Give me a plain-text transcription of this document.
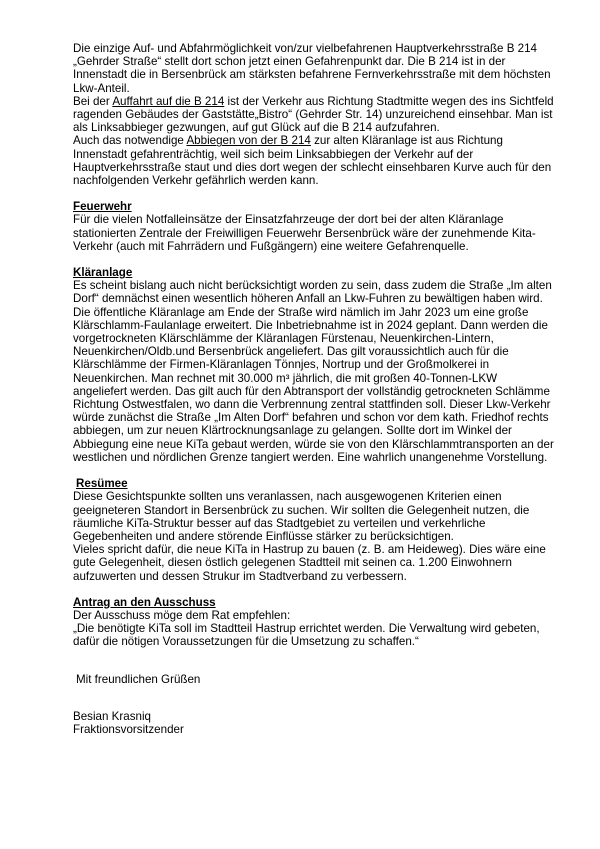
Die einzige Auf- und Abfahrmöglichkeit von/zur vielbefahrenen Hauptverkehrsstraße B 214 „Gehrder Straße“ stellt dort schon jetzt einen Gefahrenpunkt dar. Die B 214 ist in der Innenstadt die in Bersenbrück am stärksten befahrene Fernverkehrsstraße mit dem höchsten Lkw-Anteil.

Bei der Auffahrt auf die B 214 ist der Verkehr aus Richtung Stadtmitte wegen des ins Sichtfeld ragenden Gebäudes der Gaststätte„Bistro“ (Gehrder Str. 14) unzureichend einsehbar. Man ist als Linksabbieger gezwungen, auf gut Glück auf die B 214 aufzufahren.

Auch das notwendige Abbiegen von der B 214 zur alten Kläranlage ist aus Richtung Innenstadt gefahrenträchtig, weil sich beim Linksabbiegen der Verkehr auf der Hauptverkehrsstraße staut und dies dort wegen der schlecht einsehbaren Kurve auch für den nachfolgenden Verkehr gefährlich werden kann.

Feuerwehr

Für die vielen Notfalleinsätze der Einsatzfahrzeuge der dort bei der alten Kläranlage stationierten Zentrale der Freiwilligen Feuerwehr Bersenbrück wäre der zunehmende Kita-Verkehr (auch mit Fahrrädern und Fußgängern) eine weitere Gefahrenquelle.

Kläranlage

Es scheint bislang auch nicht berücksichtigt worden zu sein, dass zudem die Straße „Im alten Dorf“ demnächst einen wesentlich höheren Anfall an Lkw-Fuhren zu bewältigen haben wird. Die öffentliche Kläranlage am Ende der Straße wird nämlich im Jahr 2023 um eine große Klärschlamm-Faulanlage erweitert. Die Inbetriebnahme ist in 2024 geplant. Dann werden die vorgetrockneten Klärschlämme der Kläranlagen Fürstenau, Neuenkirchen-Lintern, Neuenkirchen/Oldb.und Bersenbrück angeliefert. Das gilt voraussichtlich auch für die Klärschlämme der Firmen-Kläranlagen Tönnjes, Nortrup und der Großmolkerei in Neuenkirchen. Man rechnet mit 30.000 m³ jährlich, die mit großen 40-Tonnen-LKW angeliefert werden. Das gilt auch für den Abtransport der vollständig getrockneten Schlämme Richtung Ostwestfalen, wo dann die Verbrennung zentral stattfinden soll. Dieser Lkw-Verkehr würde zunächst die Straße „Im Alten Dorf“ befahren und schon vor dem kath. Friedhof rechts abbiegen, um zur neuen Klärtrocknungsanlage zu gelangen. Sollte dort im Winkel der Abbiegung eine neue KiTa gebaut werden, würde sie von den Klärschlammtransporten an der westlichen und nördlichen Grenze tangiert werden. Eine wahrlich unangenehme Vorstellung.

Resümee

Diese Gesichtspunkte sollten uns veranlassen, nach ausgewogenen Kriterien einen geeigneteren Standort in Bersenbrück zu suchen. Wir sollten die Gelegenheit nutzen, die räumliche KiTa-Struktur besser auf das Stadtgebiet zu verteilen und verkehrliche Gegebenheiten und andere störende Einflüsse stärker zu berücksichtigen.

Vieles spricht dafür, die neue KiTa in Hastrup zu bauen (z. B. am Heideweg). Dies wäre eine gute Gelegenheit, diesen östlich gelegenen Stadtteil mit seinen ca. 1.200 Einwohnern aufzuwerten und dessen Strukur im Stadtverband zu verbessern.

Antrag an den Ausschuss

Der Ausschuss möge dem Rat empfehlen:

„Die benötigte KiTa soll im Stadtteil Hastrup errichtet werden. Die Verwaltung wird gebeten, dafür die nötigen Voraussetzungen für die Umsetzung zu schaffen.“

Mit freundlichen Grüßen

Besian Krasniq

Fraktionsvorsitzender
